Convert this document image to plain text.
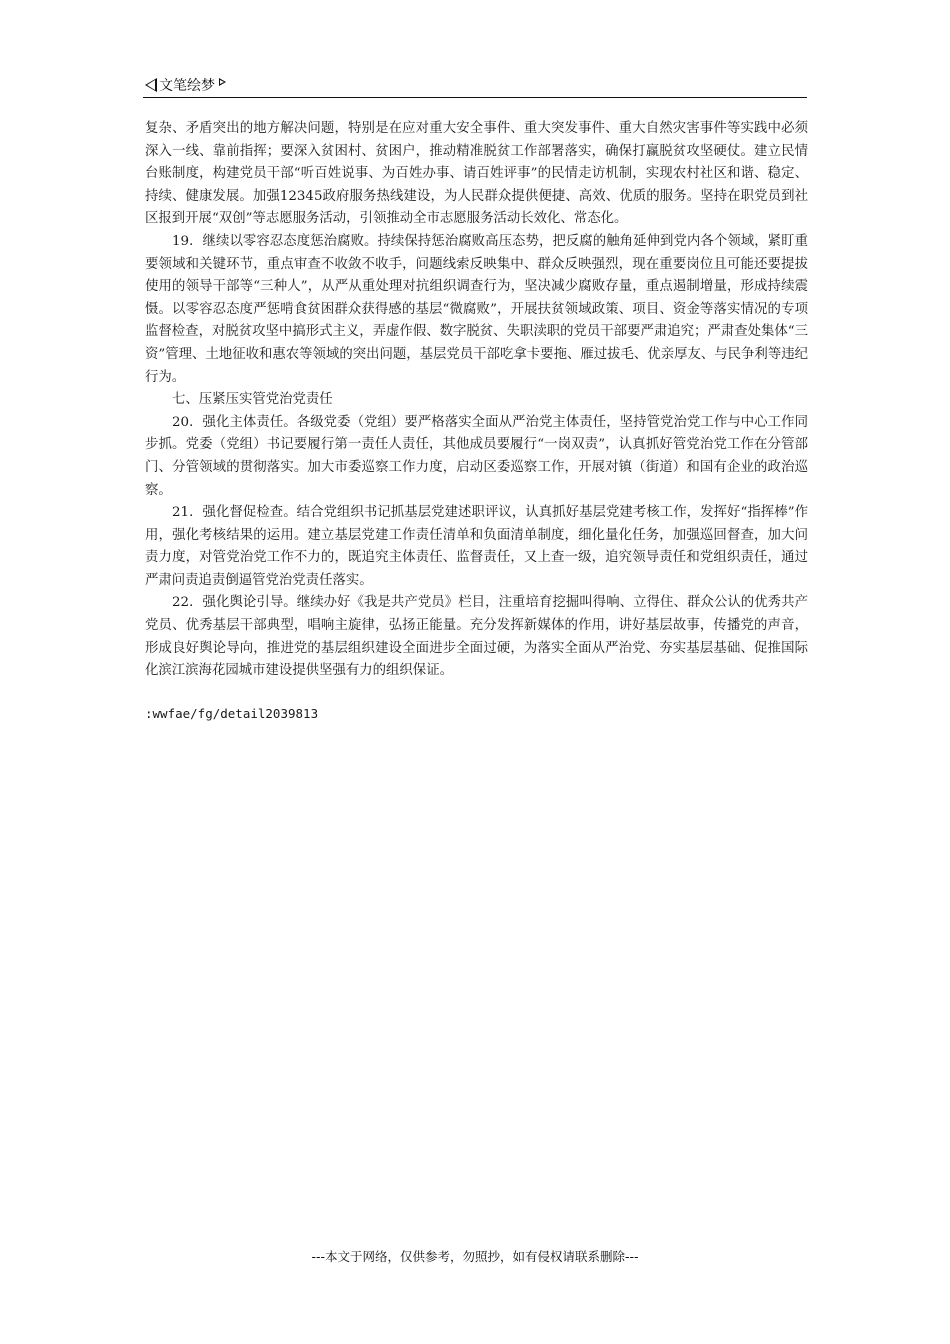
文笔绘梦

复杂、矛盾突出的地方解决问题，特别是在应对重大安全事件、重大突发事件、重大自然灾害事件等实践中必须深入一线、靠前指挥；要深入贫困村、贫困户，推动精准脱贫工作部署落实，确保打赢脱贫攻坚硬仗。建立民情台账制度，构建党员干部“听百姓说事、为百姓办事、请百姓评事”的民情走访机制，实现农村社区和谐、稳定、持续、健康发展。加强12345政府服务热线建设，为人民群众提供便捷、高效、优质的服务。坚持在职党员到社区报到开展“双创”等志愿服务活动，引领推动全市志愿服务活动长效化、常态化。

19．继续以零容忍态度惩治腐败。持续保持惩治腐败高压态势，把反腐的触角延伸到党内各个领域，紧盯重要领域和关键环节，重点审查不收敛不收手，问题线索反映集中、群众反映强烈，现在重要岗位且可能还要提拔使用的领导干部等“三种人”，从严从重处理对抗组织调查行为，坚决减少腐败存量，重点遏制增量，形成持续震慑。以零容忍态度严惩啃食贫困群众获得感的基层“微腐败”，开展扶贫领域政策、项目、资金等落实情况的专项监督检查，对脱贫攻坚中搞形式主义，弄虚作假、数字脱贫、失职渎职的党员干部要严肃追究；严肃查处集体“三资”管理、土地征收和惠农等领域的突出问题，基层党员干部吃拿卡要拖、雁过拔毛、优亲厚友、与民争利等违纪行为。

七、压紧压实管党治党责任

20．强化主体责任。各级党委（党组）要严格落实全面从严治党主体责任，坚持管党治党工作与中心工作同步抓。党委（党组）书记要履行第一责任人责任，其他成员要履行“一岗双责”，认真抓好管党治党工作在分管部门、分管领域的贯彻落实。加大市委巡察工作力度，启动区委巡察工作，开展对镇（街道）和国有企业的政治巡察。

21．强化督促检查。结合党组织书记抓基层党建述职评议，认真抓好基层党建考核工作，发挥好“指挥棒”作用，强化考核结果的运用。建立基层党建工作责任清单和负面清单制度，细化量化任务，加强巡回督查，加大问责力度，对管党治党工作不力的，既追究主体责任、监督责任，又上查一级，追究领导责任和党组织责任，通过严肃问责追责倒逼管党治党责任落实。

22．强化舆论引导。继续办好《我是共产党员》栏目，注重培育挖掘叫得响、立得住、群众公认的优秀共产党员、优秀基层干部典型，唱响主旋律，弘扬正能量。充分发挥新媒体的作用，讲好基层故事，传播党的声音，形成良好舆论导向，推进党的基层组织建设全面进步全面过硬，为落实全面从严治党、夯实基层基础、促推国际化滨江滨海花园城市建设提供坚强有力的组织保证。

:wwfae/fg/detail2039813

---本文于网络，仅供参考，勿照抄，如有侵权请联系删除---
